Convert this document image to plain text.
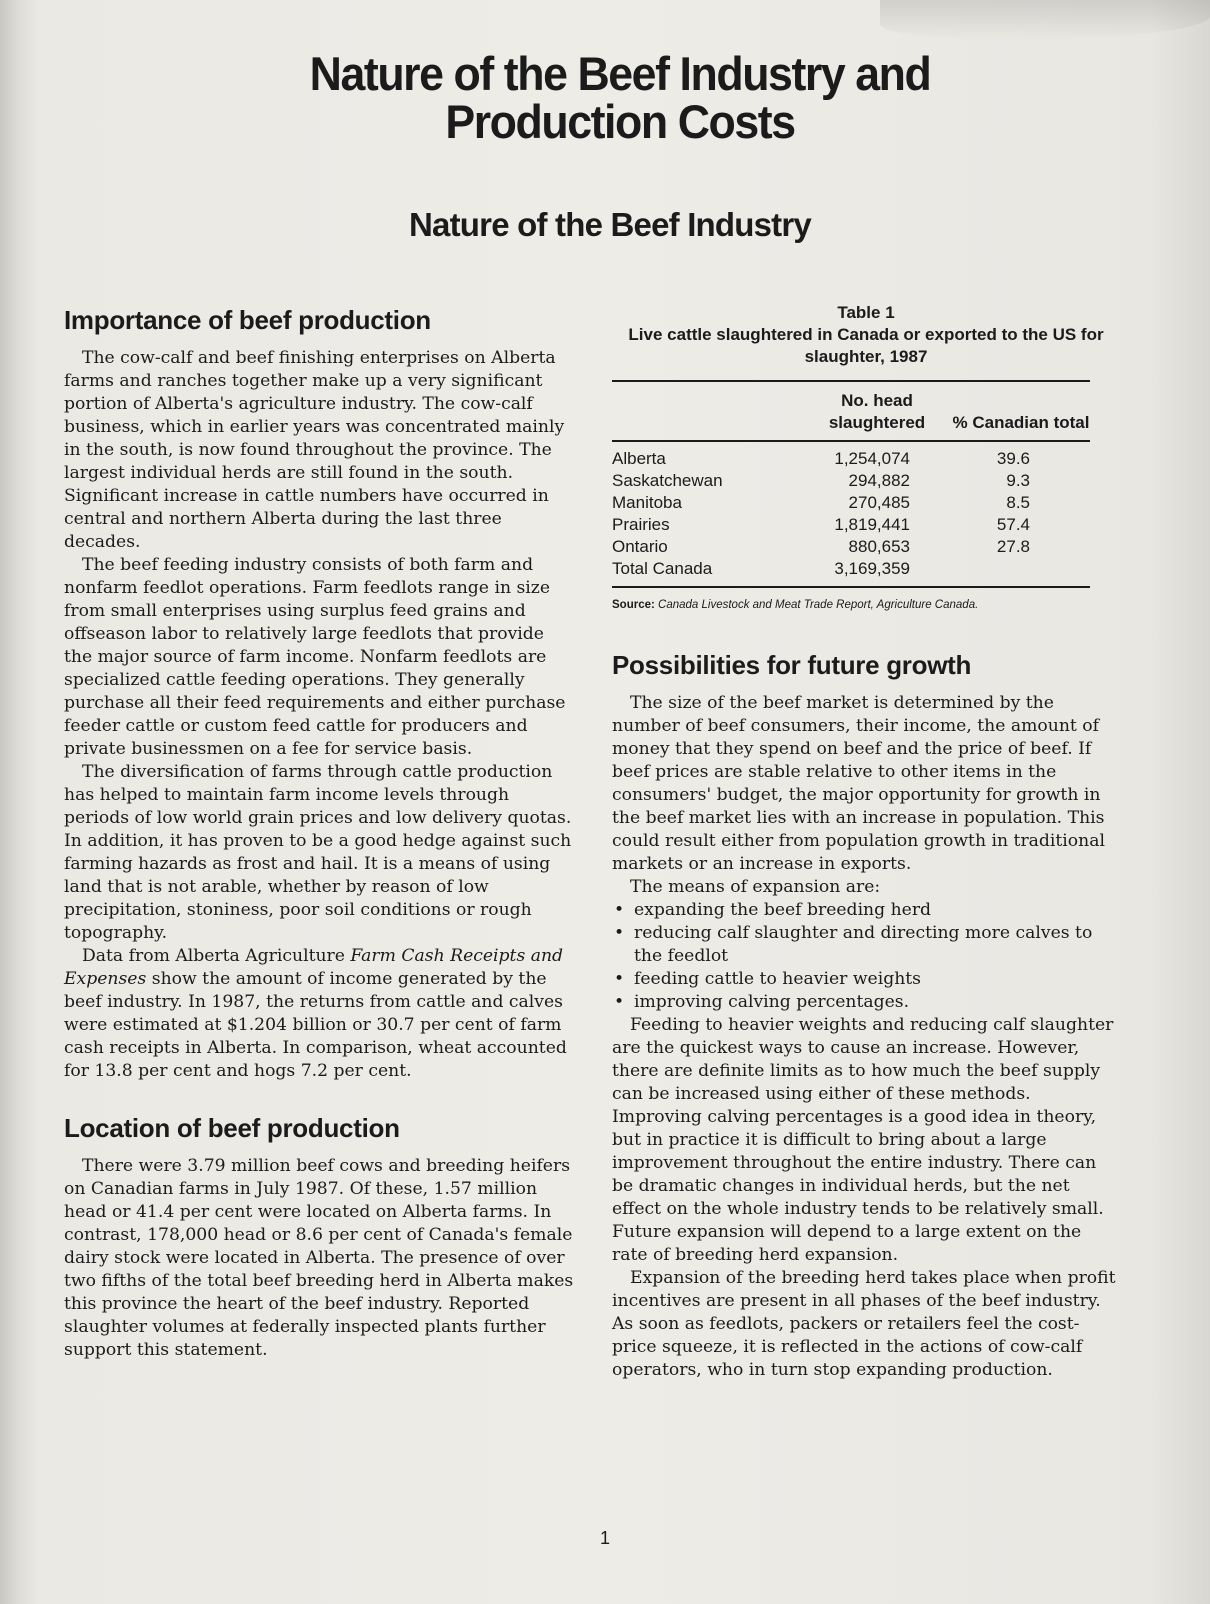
Nature of the Beef Industry and Production Costs
Nature of the Beef Industry
Importance of beef production

The cow-calf and beef finishing enterprises on Alberta farms and ranches together make up a very significant portion of Alberta's agriculture industry. The cow-calf business, which in earlier years was concentrated mainly in the south, is now found throughout the province. The largest individual herds are still found in the south. Significant increase in cattle numbers have occurred in central and northern Alberta during the last three decades.

The beef feeding industry consists of both farm and nonfarm feedlot operations. Farm feedlots range in size from small enterprises using surplus feed grains and offseason labor to relatively large feedlots that provide the major source of farm income. Nonfarm feedlots are specialized cattle feeding operations. They generally purchase all their feed requirements and either purchase feeder cattle or custom feed cattle for producers and private businessmen on a fee for service basis.

The diversification of farms through cattle production has helped to maintain farm income levels through periods of low world grain prices and low delivery quotas. In addition, it has proven to be a good hedge against such farming hazards as frost and hail. It is a means of using land that is not arable, whether by reason of low precipitation, stoniness, poor soil conditions or rough topography.

Data from Alberta Agriculture Farm Cash Receipts and Expenses show the amount of income generated by the beef industry. In 1987, the returns from cattle and calves were estimated at $1.204 billion or 30.7 per cent of farm cash receipts in Alberta. In comparison, wheat accounted for 13.8 per cent and hogs 7.2 per cent.

Location of beef production

There were 3.79 million beef cows and breeding heifers on Canadian farms in July 1987. Of these, 1.57 million head or 41.4 per cent were located on Alberta farms. In contrast, 178,000 head or 8.6 per cent of Canada's female dairy stock were located in Alberta. The presence of over two fifths of the total beef breeding herd in Alberta makes this province the heart of the beef industry. Reported slaughter volumes at federally inspected plants further support this statement.

Table 1
Live cattle slaughtered in Canada or exported to the US for slaughter, 1987
	No. head slaughtered	% Canadian total
Alberta	1,254,074	39.6
Saskatchewan	294,882	9.3
Manitoba	270,485	8.5
Prairies	1,819,441	57.4
Ontario	880,653	27.8
Total Canada	3,169,359	
Source: Canada Livestock and Meat Trade Report, Agriculture Canada.
Possibilities for future growth

The size of the beef market is determined by the number of beef consumers, their income, the amount of money that they spend on beef and the price of beef. If beef prices are stable relative to other items in the consumers' budget, the major opportunity for growth in the beef market lies with an increase in population. This could result either from population growth in traditional markets or an increase in exports.

The means of expansion are:

• expanding the beef breeding herd
• reducing calf slaughter and directing more calves to the feedlot
• feeding cattle to heavier weights
• improving calving percentages.

Feeding to heavier weights and reducing calf slaughter are the quickest ways to cause an increase. However, there are definite limits as to how much the beef supply can be increased using either of these methods. Improving calving percentages is a good idea in theory, but in practice it is difficult to bring about a large improvement throughout the entire industry. There can be dramatic changes in individual herds, but the net effect on the whole industry tends to be relatively small. Future expansion will depend to a large extent on the rate of breeding herd expansion.

Expansion of the breeding herd takes place when profit incentives are present in all phases of the beef industry. As soon as feedlots, packers or retailers feel the cost-price squeeze, it is reflected in the actions of cow-calf operators, who in turn stop expanding production.

1
